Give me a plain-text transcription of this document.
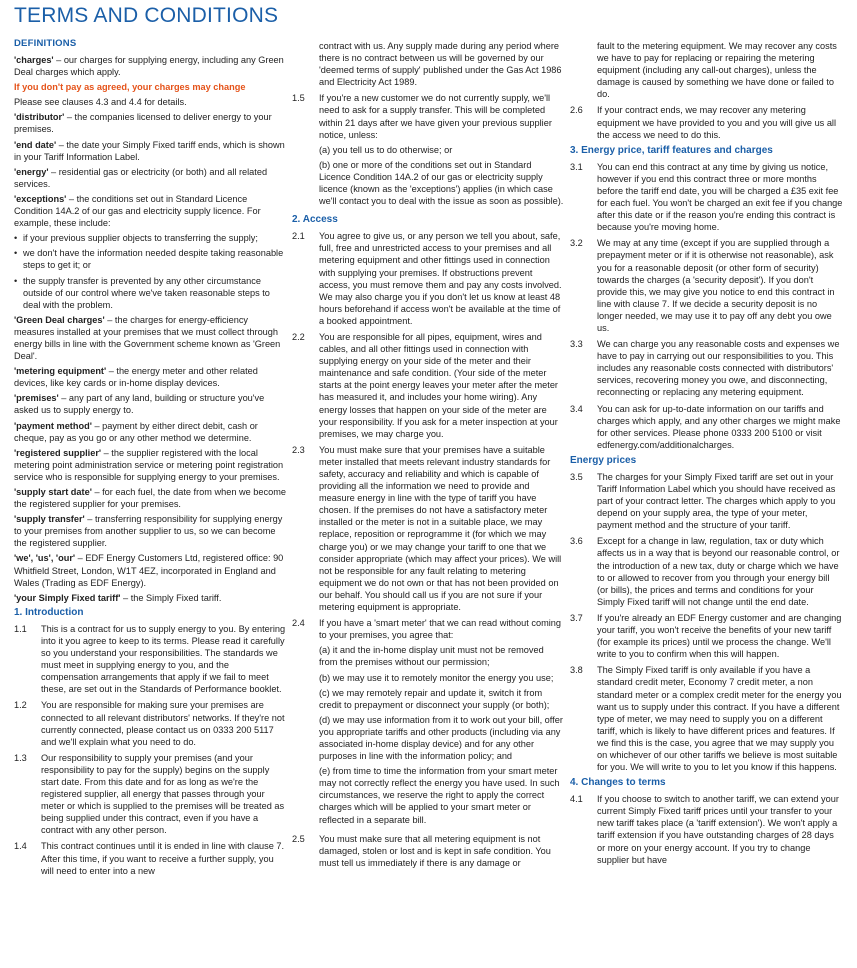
TERMS AND CONDITIONS
DEFINITIONS

'charges' – our charges for supplying energy, including any Green Deal charges which apply.

If you don't pay as agreed, your charges may change

Please see clauses 4.3 and 4.4 for details.

'distributor' – the companies licensed to deliver energy to your premises.

'end date' – the date your Simply Fixed tariff ends, which is shown in your Tariff Information Label.

'energy' – residential gas or electricity (or both) and all related services.

'exceptions' – the conditions set out in Standard Licence Condition 14A.2 of our gas and electricity supply licence. For example, these include:

• if your previous supplier objects to transferring the supply;

• we don't have the information needed despite taking reasonable steps to get it; or

• the supply transfer is prevented by any other circumstance outside of our control where we've taken reasonable steps to deal with the problem.

'Green Deal charges' – the charges for energy-efficiency measures installed at your premises that we must collect through energy bills in line with the Government scheme known as 'Green Deal'.

'metering equipment' – the energy meter and other related devices, like key cards or in-home display devices.

'premises' – any part of any land, building or structure you've asked us to supply energy to.

'payment method' – payment by either direct debit, cash or cheque, pay as you go or any other method we determine.

'registered supplier' – the supplier registered with the local metering point administration service or metering point registration service who is responsible for supplying energy to your premises.

'supply start date' – for each fuel, the date from when we become the registered supplier for your premises.

'supply transfer' – transferring responsibility for supplying energy to your premises from another supplier to us, so we can become the registered supplier.

'we', 'us', 'our' – EDF Energy Customers Ltd, registered office: 90 Whitfield Street, London, W1T 4EZ, incorporated in England and Wales (Trading as EDF Energy).

'your Simply Fixed tariff' – the Simply Fixed tariff.

1. Introduction
1.1	This is a contract for us to supply energy to you. By entering into it you agree to keep to its terms. Please read it carefully so you understand your responsibilities. The standards we must meet in supplying energy to you, and the compensation arrangements that apply if we fail to meet these, are set out in the Standards of Performance booklet.
1.2	You are responsible for making sure your premises are connected to all relevant distributors' networks. If they're not currently connected, please contact us on 0333 200 5117 and we'll explain what you need to do.
1.3	Our responsibility to supply your premises (and your responsibility to pay for the supply) begins on the supply start date. From this date and for as long as we're the registered supplier, all energy that passes through your meter or which is supplied to the premises will be treated as being supplied under this contract, even if you have a contract with any other person.
1.4	This contract continues until it is ended in line with clause 7. After this time, if you want to receive a further supply, you will need to enter into a new
contract with us. Any supply made during any period where there is no contract between us will be governed by our 'deemed terms of supply' published under the Gas Act 1986 and Electricity Act 1989.
1.5	If you're a new customer we do not currently supply, we'll need to ask for a supply transfer. This will be completed within 21 days after we have given your previous supplier notice, unless:

(a) you tell us to do otherwise; or

(b) one or more of the conditions set out in Standard Licence Condition 14A.2 of our gas or electricity supply licence (known as the 'exceptions') applies (in which case we'll contact you to deal with the issue as soon as possible).

2. Access
2.1	You agree to give us, or any person we tell you about, safe, full, free and unrestricted access to your premises and all metering equipment and other fittings used in connection with supplying your premises. If obstructions prevent access, you must remove them and pay any costs involved. We may also charge you if you don't let us know at least 48 hours beforehand if access won't be available at the time of a booked appointment.
2.2	You are responsible for all pipes, equipment, wires and cables, and all other fittings used in connection with supplying energy on your side of the meter and their maintenance and safe condition. (Your side of the meter starts at the point energy leaves your meter after the meter has measured it, and includes your home wiring). Any energy losses that happen on your side of the meter are your responsibility. If you ask for a meter inspection at your premises, we may charge you.
2.3	You must make sure that your premises have a suitable meter installed that meets relevant industry standards for safety, accuracy and reliability and which is capable of providing all the information we need to provide and measure energy in line with the type of tariff you have chosen. If the premises do not have a satisfactory meter installed or the meter is not in a suitable place, we may replace, reposition or reprogramme it (for which we may charge you) or we may change your tariff to one that we consider appropriate (which may affect your prices). We will not be responsible for any fault relating to metering equipment we do not own or that has not been provided on our behalf. You should call us if you are not sure if your metering equipment is appropriate.
2.4	If you have a 'smart meter' that we can read without coming to your premises, you agree that:

(a) it and the in-home display unit must not be removed from the premises without our permission;

(b) we may use it to remotely monitor the energy you use;

(c) we may remotely repair and update it, switch it from credit to prepayment or disconnect your supply (or both);

(d) we may use information from it to work out your bill, offer you appropriate tariffs and other products (including via any associated in-home display device) and for any other purposes in line with the information policy; and

(e) from time to time the information from your smart meter may not correctly reflect the energy you have used. In such circumstances, we reserve the right to apply the correct charges which will be applied to your smart meter or reflected in a separate bill.

2.5	You must make sure that all metering equipment is not damaged, stolen or lost and is kept in safe condition. You must tell us immediately if there is any damage or
fault to the metering equipment. We may recover any costs we have to pay for replacing or repairing the metering equipment (including any call-out charges), unless the damage is caused by something we have done or failed to do.
2.6	If your contract ends, we may recover any metering equipment we have provided to you and you will give us all the access we need to do this.
3. Energy price, tariff features and charges
3.1	You can end this contract at any time by giving us notice, however if you end this contract three or more months before the tariff end date, you will be charged a £35 exit fee for each fuel. You won't be charged an exit fee if you change after this date or if the reason you're ending this contract is because you're moving home.
3.2	We may at any time (except if you are supplied through a prepayment meter or if it is otherwise not reasonable), ask you for a reasonable deposit (or other form of security) towards the charges (a 'security deposit'). If you don't provide this, we may give you notice to end this contract in line with clause 7. If we decide a security deposit is no longer needed, we may use it to pay off any debt you owe us.
3.3	We can charge you any reasonable costs and expenses we have to pay in carrying out our responsibilities to you. This includes any reasonable costs connected with distributors' services, recovering money you owe, and disconnecting, reconnecting or replacing any metering equipment.
3.4	You can ask for up-to-date information on our tariffs and charges which apply, and any other charges we might make for other services. Please phone 0333 200 5100 or visit edfenergy.com/additionalcharges.
Energy prices
3.5	The charges for your Simply Fixed tariff are set out in your Tariff Information Label which you should have received as part of your contract letter. The charges which apply to you depend on your supply area, the type of your meter, payment method and the structure of your tariff.
3.6	Except for a change in law, regulation, tax or duty which affects us in a way that is beyond our reasonable control, or the introduction of a new tax, duty or charge which we have to or allowed to recover from you through your energy bill (or bills), the prices and terms and conditions for your Simply Fixed tariff will not change until the end date.
3.7	If you're already an EDF Energy customer and are changing your tariff, you won't receive the benefits of your new tariff (for example its prices) until we process the change. We'll write to you to confirm when this will happen.
3.8	The Simply Fixed tariff is only available if you have a standard credit meter, Economy 7 credit meter, a non standard meter or a complex credit meter for the energy you want us to supply under this contract. If you have a different type of meter, we may need to supply you on a different tariff, which is likely to have different prices and features. If we find this is the case, you agree that we may supply you on whichever of our other tariffs we believe is most suitable for you. We will write to you to let you know if this happens.
4. Changes to terms
4.1	If you choose to switch to another tariff, we can extend your current Simply Fixed tariff prices until your transfer to your new tariff takes place (a 'tariff extension'). We won't apply a tariff extension if you have outstanding charges of 28 days or more on your energy account. If you try to change supplier but have
